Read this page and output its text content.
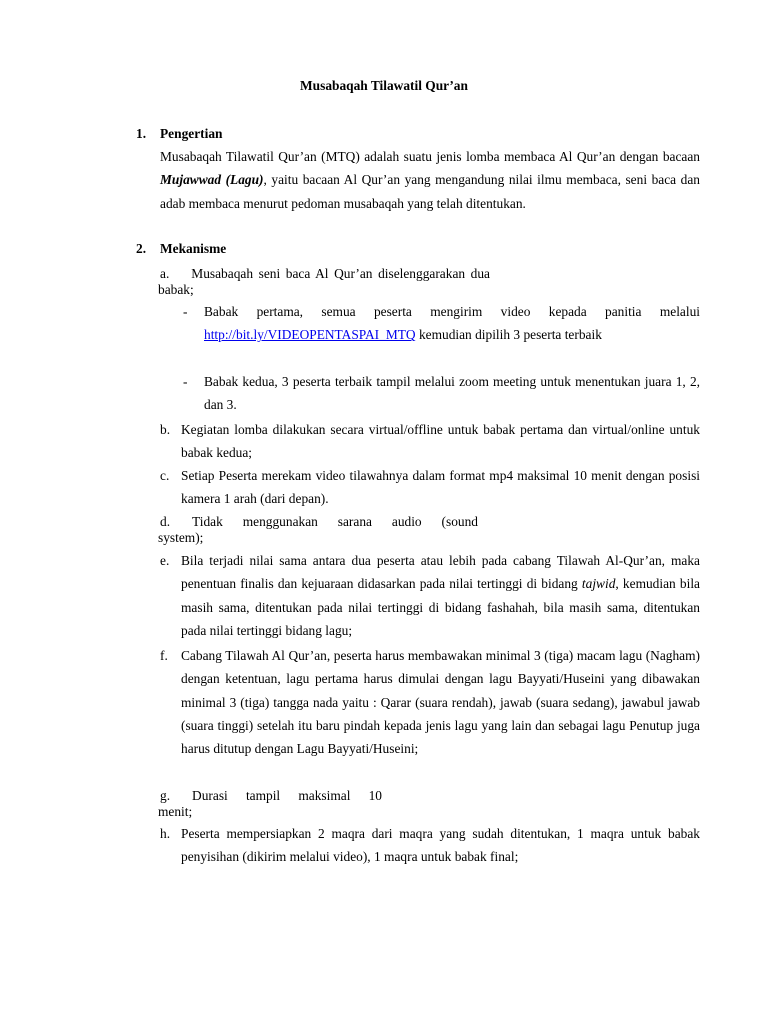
Musabaqah Tilawatil Qur’an
1. Pengertian
Musabaqah Tilawatil Qur’an (MTQ) adalah suatu jenis lomba membaca Al Qur’an dengan bacaan Mujawwad (Lagu), yaitu bacaan Al Qur’an yang mengandung nilai ilmu membaca, seni baca dan adab membaca menurut pedoman musabaqah yang telah ditentukan.
2. Mekanisme
a. Musabaqah seni baca Al Qur’an diselenggarakan dua
babak;
-	Babak pertama, semua peserta mengirim video kepada panitia melalui http://bit.ly/VIDEOPENTASPAI_MTQ kemudian dipilih 3 peserta terbaik
-	Babak kedua, 3 peserta terbaik tampil melalui zoom meeting untuk menentukan juara 1, 2, dan 3.
b. Kegiatan lomba dilakukan secara virtual/offline untuk babak pertama dan virtual/online untuk babak kedua;
c. Setiap Peserta merekam video tilawahnya dalam format mp4 maksimal 10 menit dengan posisi kamera 1 arah (dari depan).
d. Tidak menggunakan sarana audio (sound
system);
e. Bila terjadi nilai sama antara dua peserta atau lebih pada cabang Tilawah Al-Qur’an, maka penentuan finalis dan kejuaraan didasarkan pada nilai tertinggi di bidang tajwid, kemudian bila masih sama, ditentukan pada nilai tertinggi di bidang fashahah, bila masih sama, ditentukan pada nilai tertinggi bidang lagu;
f. Cabang Tilawah Al Qur’an, peserta harus membawakan minimal 3 (tiga) macam lagu (Nagham) dengan ketentuan, lagu pertama harus dimulai dengan lagu Bayyati/Huseini yang dibawakan minimal 3 (tiga) tangga nada yaitu : Qarar (suara rendah), jawab (suara sedang), jawabul jawab (suara tinggi) setelah itu baru pindah kepada jenis lagu yang lain dan sebagai lagu Penutup juga harus ditutup dengan Lagu Bayyati/Huseini;
g. Durasi tampil maksimal 10
menit;
h. Peserta mempersiapkan 2 maqra dari maqra yang sudah ditentukan, 1 maqra untuk babak penyisihan (dikirim melalui video), 1 maqra untuk babak final;
